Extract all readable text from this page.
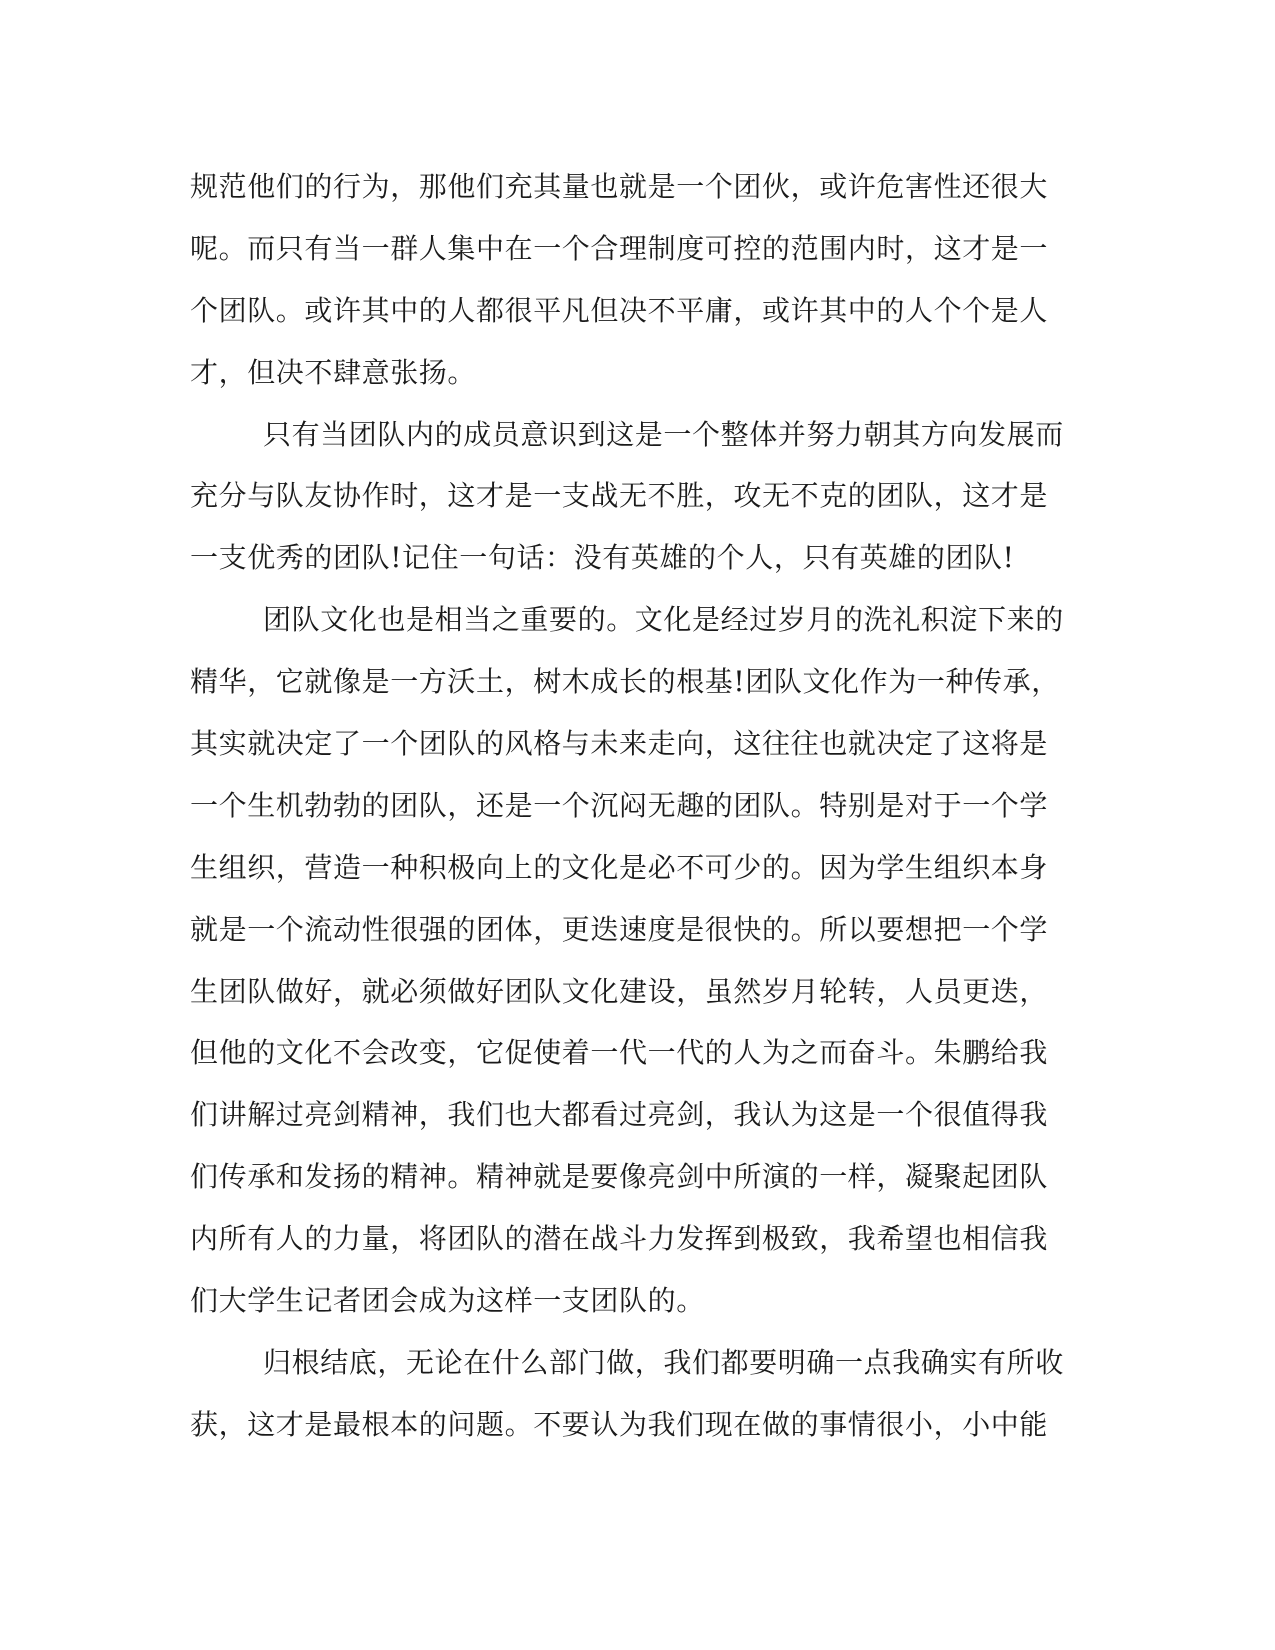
规范他们的行为，那他们充其量也就是一个团伙，或许危害性还很大
呢。而只有当一群人集中在一个合理制度可控的范围内时，这才是一
个团队。或许其中的人都很平凡但决不平庸，或许其中的人个个是人
才，但决不肆意张扬。
只有当团队内的成员意识到这是一个整体并努力朝其方向发展而
充分与队友协作时，这才是一支战无不胜，攻无不克的团队，这才是
一支优秀的团队!记住一句话：没有英雄的个人，只有英雄的团队!
团队文化也是相当之重要的。文化是经过岁月的洗礼积淀下来的
精华，它就像是一方沃土，树木成长的根基!团队文化作为一种传承，
其实就决定了一个团队的风格与未来走向，这往往也就决定了这将是
一个生机勃勃的团队，还是一个沉闷无趣的团队。特别是对于一个学
生组织，营造一种积极向上的文化是必不可少的。因为学生组织本身
就是一个流动性很强的团体，更迭速度是很快的。所以要想把一个学
生团队做好，就必须做好团队文化建设，虽然岁月轮转，人员更迭，
但他的文化不会改变，它促使着一代一代的人为之而奋斗。朱鹏给我
们讲解过亮剑精神，我们也大都看过亮剑，我认为这是一个很值得我
们传承和发扬的精神。精神就是要像亮剑中所演的一样，凝聚起团队
内所有人的力量，将团队的潜在战斗力发挥到极致，我希望也相信我
们大学生记者团会成为这样一支团队的。
归根结底，无论在什么部门做，我们都要明确一点我确实有所收
获，这才是最根本的问题。不要认为我们现在做的事情很小，小中能
